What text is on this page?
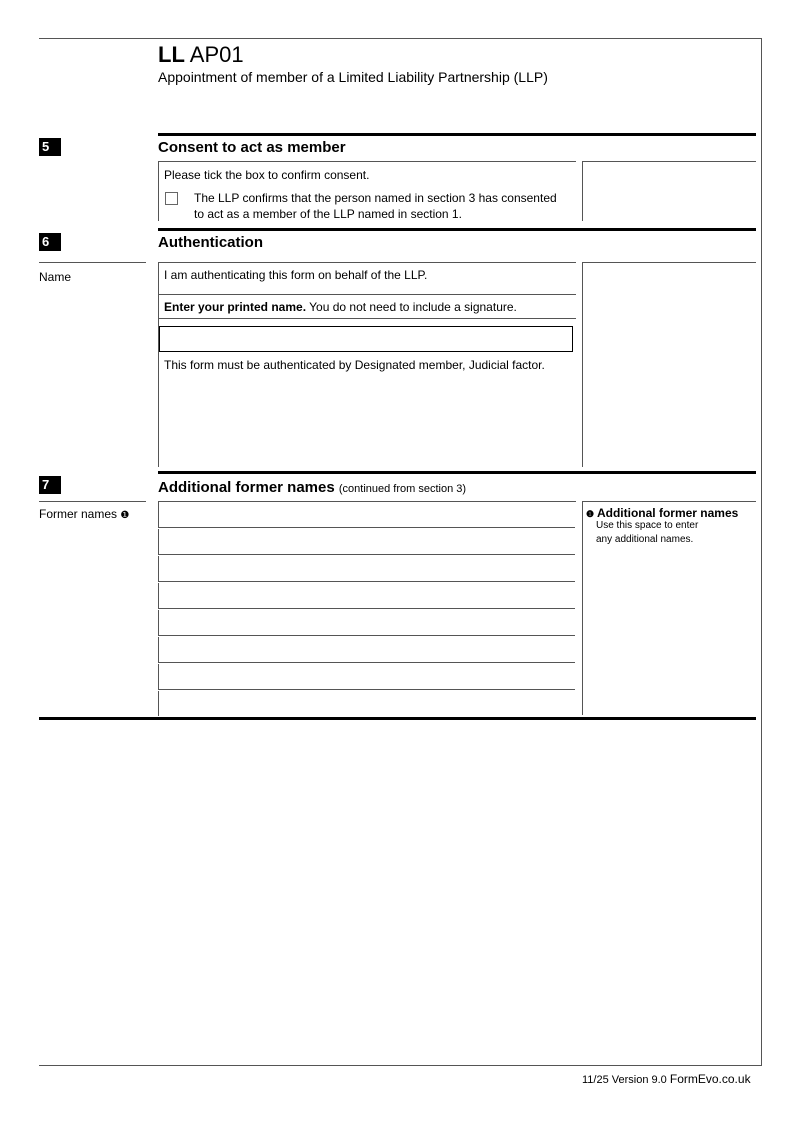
LL AP01
Appointment of member of a Limited Liability Partnership (LLP)
5	Consent to act as member
Please tick the box to confirm consent.
The LLP confirms that the person named in section 3 has consented
to act as a member of the LLP named in section 1.
6	Authentication
Name	I am authenticating this form on behalf of the LLP.
Enter your printed name. You do not need to include a signature.
This form must be authenticated by Designated member, Judicial factor.
7	Additional former names (continued from section 3)
Former names ❶	❶ Additional former names
Use this space to enter
any additional names.
11/25 Version 9.0 FormEvo.co.uk
